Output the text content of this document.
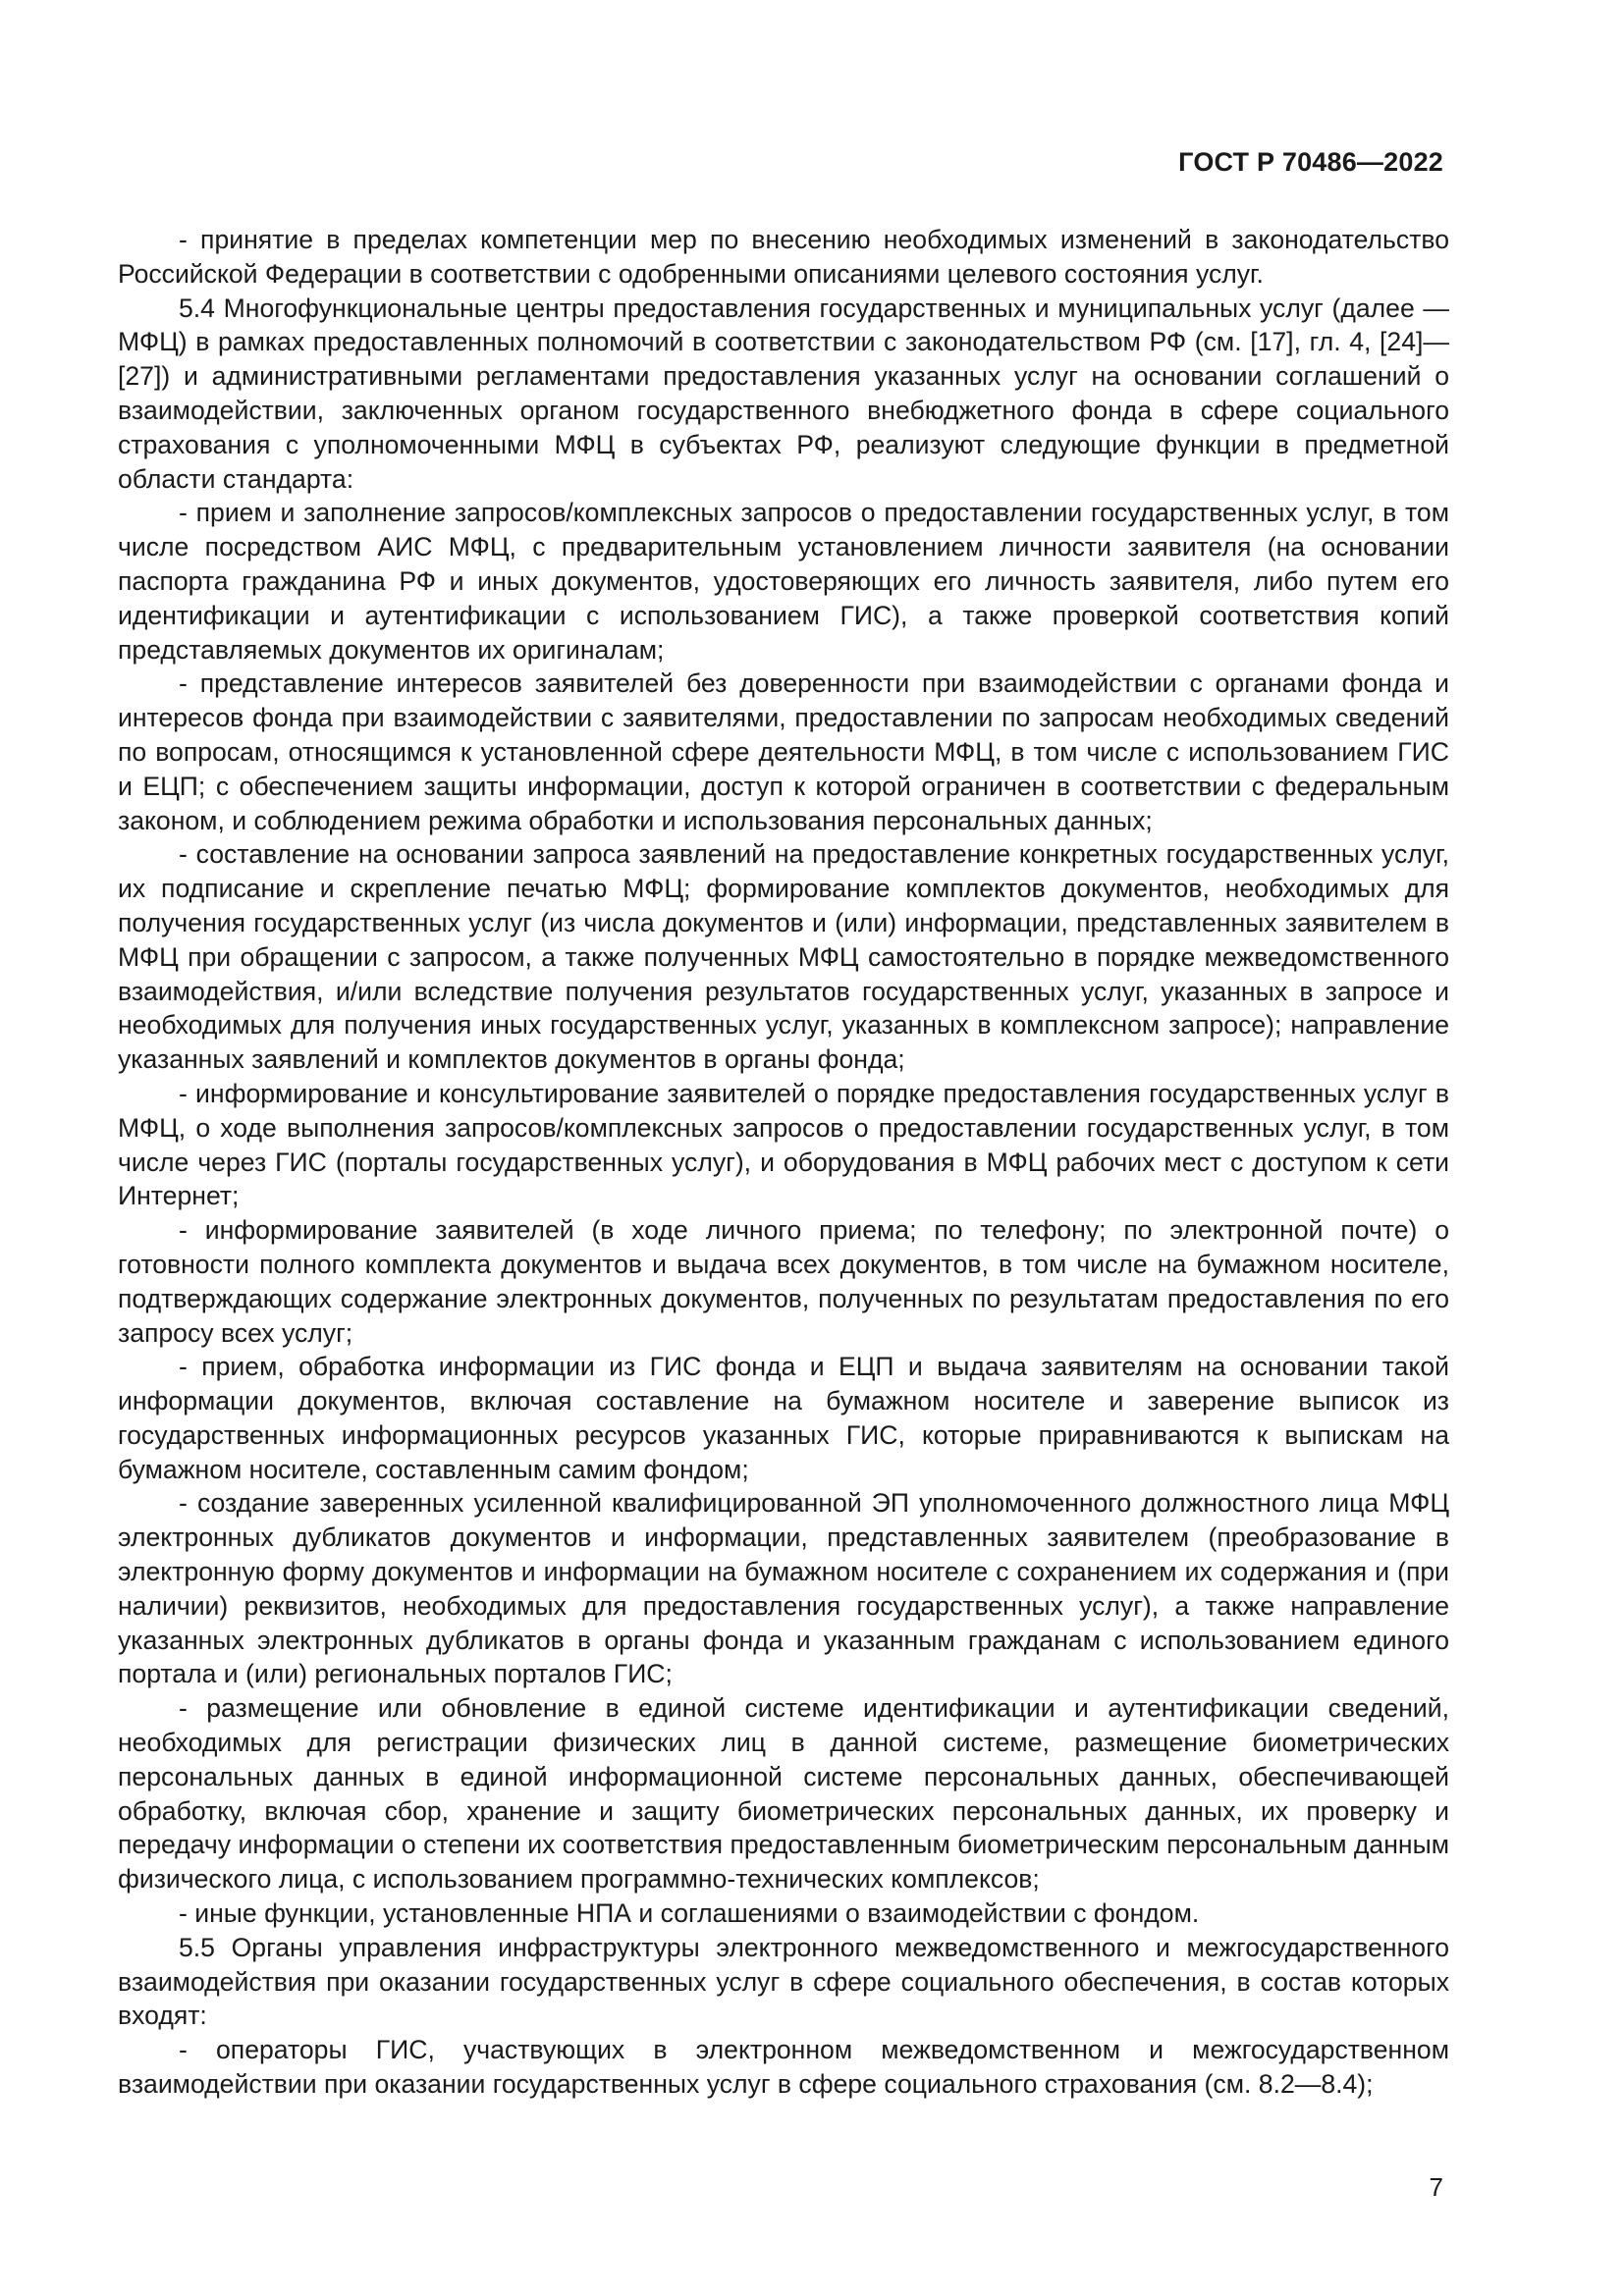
ГОСТ Р 70486—2022

- принятие в пределах компетенции мер по внесению необходимых изменений в законодательство Российской Федерации в соответствии с одобренными описаниями целевого состояния услуг.

5.4 Многофункциональные центры предоставления государственных и муниципальных услуг (далее — МФЦ) в рамках предоставленных полномочий в соответствии с законодательством РФ (см. [17], гл. 4, [24]—[27]) и административными регламентами предоставления указанных услуг на основании соглашений о взаимодействии, заключенных органом государственного внебюджетного фонда в сфере социального страхования с уполномоченными МФЦ в субъектах РФ, реализуют следующие функции в предметной области стандарта:

- прием и заполнение запросов/комплексных запросов о предоставлении государственных услуг, в том числе посредством АИС МФЦ, с предварительным установлением личности заявителя (на основании паспорта гражданина РФ и иных документов, удостоверяющих его личность заявителя, либо путем его идентификации и аутентификации с использованием ГИС), а также проверкой соответствия копий представляемых документов их оригиналам;

- представление интересов заявителей без доверенности при взаимодействии с органами фонда и интересов фонда при взаимодействии с заявителями, предоставлении по запросам необходимых сведений по вопросам, относящимся к установленной сфере деятельности МФЦ, в том числе с использованием ГИС и ЕЦП; с обеспечением защиты информации, доступ к которой ограничен в соответствии с федеральным законом, и соблюдением режима обработки и использования персональных данных;

- составление на основании запроса заявлений на предоставление конкретных государственных услуг, их подписание и скрепление печатью МФЦ; формирование комплектов документов, необходимых для получения государственных услуг (из числа документов и (или) информации, представленных заявителем в МФЦ при обращении с запросом, а также полученных МФЦ самостоятельно в порядке межведомственного взаимодействия, и/или вследствие получения результатов государственных услуг, указанных в запросе и необходимых для получения иных государственных услуг, указанных в комплексном запросе); направление указанных заявлений и комплектов документов в органы фонда;

- информирование и консультирование заявителей о порядке предоставления государственных услуг в МФЦ, о ходе выполнения запросов/комплексных запросов о предоставлении государственных услуг, в том числе через ГИС (порталы государственных услуг), и оборудования в МФЦ рабочих мест с доступом к сети Интернет;

- информирование заявителей (в ходе личного приема; по телефону; по электронной почте) о готовности полного комплекта документов и выдача всех документов, в том числе на бумажном носителе, подтверждающих содержание электронных документов, полученных по результатам предоставления по его запросу всех услуг;

- прием, обработка информации из ГИС фонда и ЕЦП и выдача заявителям на основании такой информации документов, включая составление на бумажном носителе и заверение выписок из государственных информационных ресурсов указанных ГИС, которые приравниваются к выпискам на бумажном носителе, составленным самим фондом;

- создание заверенных усиленной квалифицированной ЭП уполномоченного должностного лица МФЦ электронных дубликатов документов и информации, представленных заявителем (преобразование в электронную форму документов и информации на бумажном носителе с сохранением их содержания и (при наличии) реквизитов, необходимых для предоставления государственных услуг), а также направление указанных электронных дубликатов в органы фонда и указанным гражданам с использованием единого портала и (или) региональных порталов ГИС;

- размещение или обновление в единой системе идентификации и аутентификации сведений, необходимых для регистрации физических лиц в данной системе, размещение биометрических персональных данных в единой информационной системе персональных данных, обеспечивающей обработку, включая сбор, хранение и защиту биометрических персональных данных, их проверку и передачу информации о степени их соответствия предоставленным биометрическим персональным данным физического лица, с использованием программно-технических комплексов;

- иные функции, установленные НПА и соглашениями о взаимодействии с фондом.

5.5 Органы управления инфраструктуры электронного межведомственного и межгосударственного взаимодействия при оказании государственных услуг в сфере социального обеспечения, в состав которых входят:

- операторы ГИС, участвующих в электронном межведомственном и межгосударственном взаимодействии при оказании государственных услуг в сфере социального страхования (см. 8.2—8.4);

7
